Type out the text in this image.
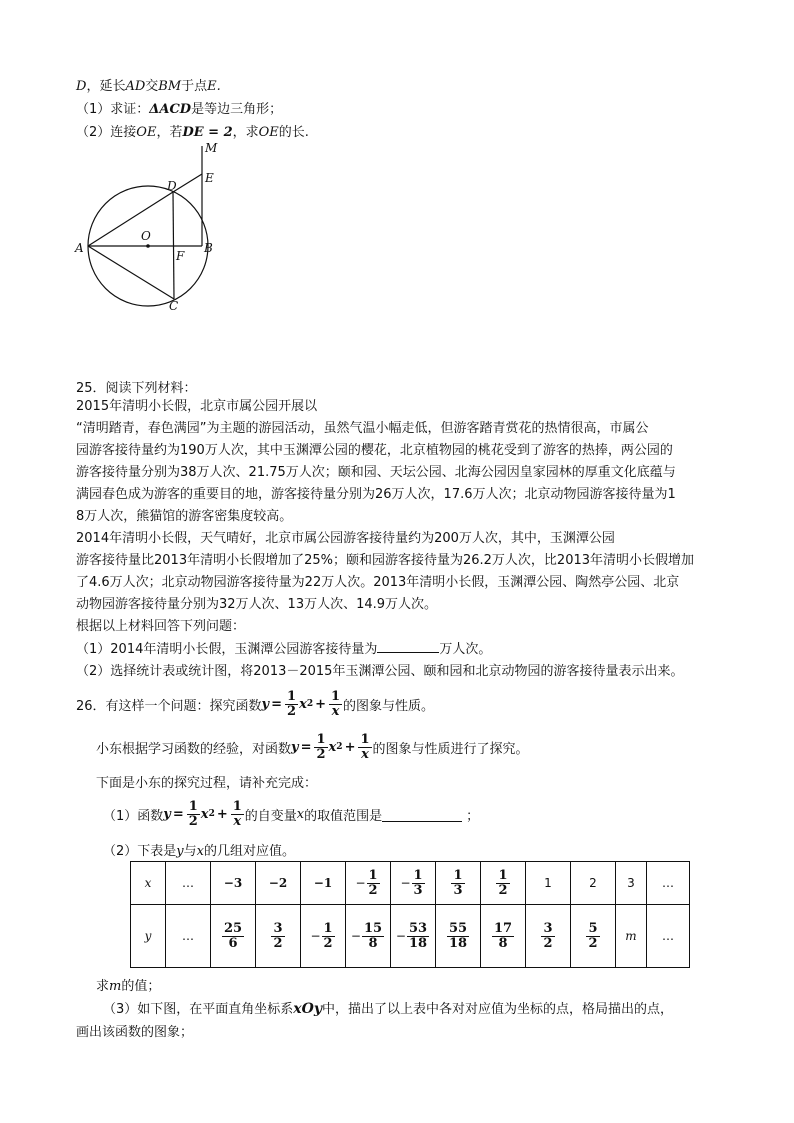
D，延长AD交BM于点E.
（1）求证：ΔACD是等边三角形；
（2）连接OE，若DE = 2，求OE的长.
M
D
E
O
A
F
B
C
25．阅读下列材料：
2015年清明小长假，北京市属公园开展以
“清明踏青，春色满园”为主题的游园活动，虽然气温小幅走低，但游客踏青赏花的热情很高，市属公
园游客接待量约为190万人次，其中玉渊潭公园的樱花，北京植物园的桃花受到了游客的热捧，两公园的
游客接待量分别为38万人次、21.75万人次；颐和园、天坛公园、北海公园因皇家园林的厚重文化底蕴与
满园春色成为游客的重要目的地，游客接待量分别为26万人次，17.6万人次；北京动物园游客接待量为1
8万人次，熊猫馆的游客密集度较高。
2014年清明小长假，天气晴好，北京市属公园游客接待量约为200万人次，其中，玉渊潭公园
游客接待量比2013年清明小长假增加了25%；颐和园游客接待量为26.2万人次，比2013年清明小长假增加
了4.6万人次；北京动物园游客接待量为22万人次。2013年清明小长假，玉渊潭公园、陶然亭公园、北京
动物园游客接待量分别为32万人次、13万人次、14.9万人次。
根据以上材料回答下列问题：
（1）2014年清明小长假，玉渊潭公园游客接待量为	万人次。
（2）选择统计表或统计图，将2013－2015年玉渊潭公园、颐和园和北京动物园的游客接待量表示出来。
26．有这样一个问题：探究函数 $y = \frac{1}{2}$ x $2 + \frac{1}{x}$ 的图象与性质。
小东根据学习函数的经验，对函数 $y = \frac{1}{2}$ x $2 + \frac{1}{x}$ 的图象与性质进行了探究。
下面是小东的探究过程，请补充完成：
（1）函数 $y = \frac{1}{2}$ x $2 + \frac{1}{x}$ 的自变量 x 的取值范围是	；
（2）下表是y与x的几组对应值。
x	…	−3	−2	−1	− $\frac{1}{2}$	− $\frac{1}{3}$	$\frac{1}{3}$	$\frac{1}{2}$	1	2	3	…
y	…	$\frac{25}{6}$	$\frac{3}{2}$	− $\frac{1}{2}$	− $\frac{15}{8}$	− $\frac{53}{18}$	$\frac{55}{18}$	$\frac{17}{8}$	$\frac{3}{2}$	$\frac{5}{2}$	m	…
求m的值；
（3）如下图，在平面直角坐标系xOy中，描出了以上表中各对对应值为坐标的点，格局描出的点，
画出该函数的图象；
